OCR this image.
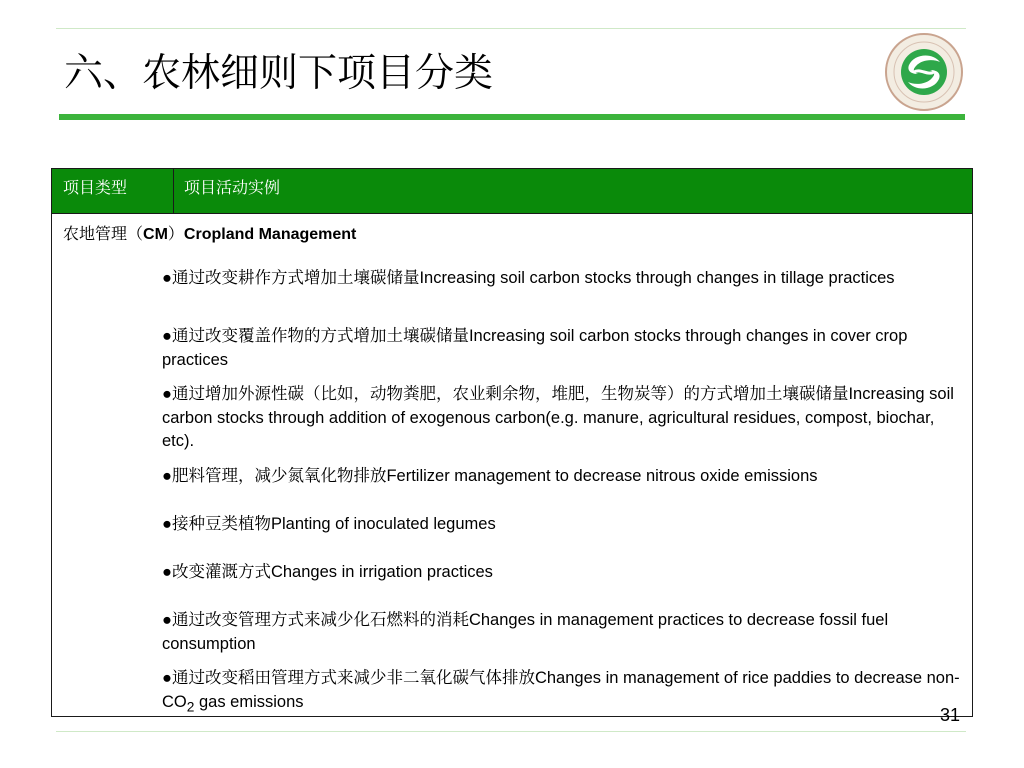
六、农林细则下项目分类
项目类型	项目活动实例
农地管理（CM）Cropland Management
●通过改变耕作方式增加土壤碳储量Increasing soil carbon stocks through changes in tillage practices
●通过改变覆盖作物的方式增加土壤碳储量Increasing soil carbon stocks through changes in cover crop practices
●通过增加外源性碳（比如，动物粪肥，农业剩余物，堆肥，生物炭等）的方式增加土壤碳储量Increasing soil carbon stocks through addition of exogenous carbon(e.g. manure, agricultural residues, compost, biochar, etc).
●肥料管理，减少氮氧化物排放Fertilizer management to decrease nitrous oxide emissions
●接种豆类植物Planting of inoculated legumes
●改变灌溉方式Changes in irrigation practices
●通过改变管理方式来减少化石燃料的消耗Changes in management practices to decrease fossil fuel consumption
●通过改变稻田管理方式来减少非二氧化碳气体排放Changes in management of rice paddies to decrease non-$CO_2$ gas emissions
31
